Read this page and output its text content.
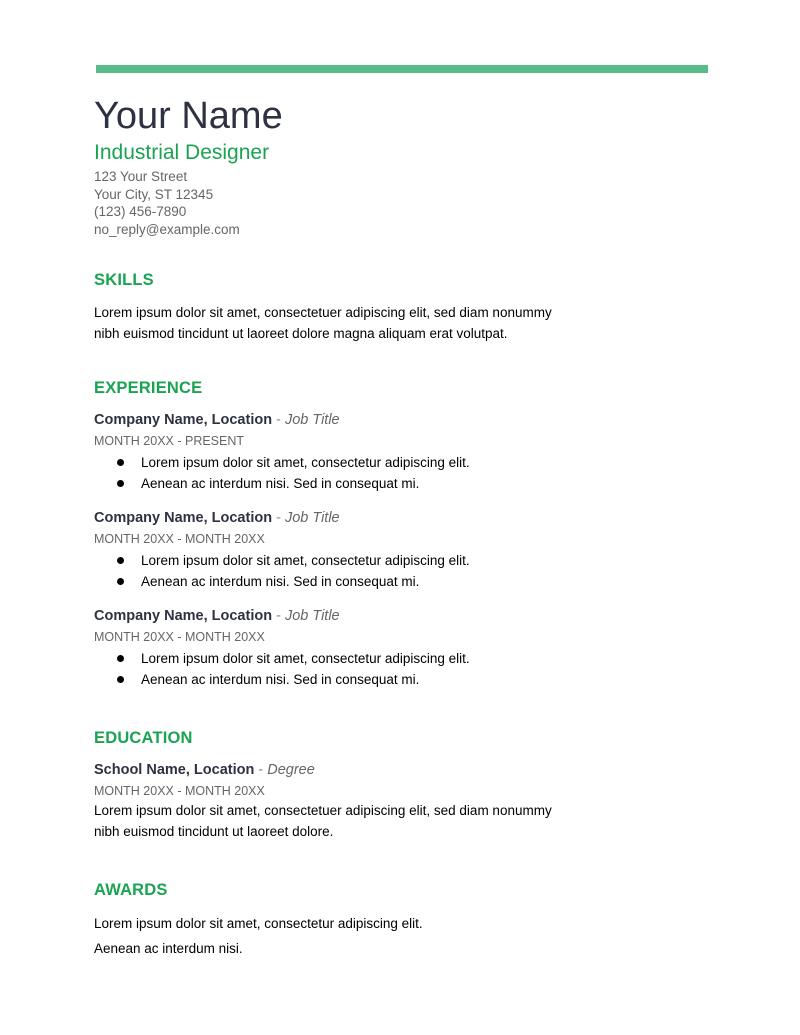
Your Name
Industrial Designer
123 Your Street
Your City, ST 12345
(123) 456-7890
no_reply@example.com
SKILLS

Lorem ipsum dolor sit amet, consectetuer adipiscing elit, sed diam nonummy

nibh euismod tincidunt ut laoreet dolore magna aliquam erat volutpat.

EXPERIENCE

Company Name, Location - Job Title

MONTH 20XX - PRESENT

Lorem ipsum dolor sit amet, consectetur adipiscing elit.
Aenean ac interdum nisi. Sed in consequat mi.

Company Name, Location - Job Title

MONTH 20XX - MONTH 20XX

Lorem ipsum dolor sit amet, consectetur adipiscing elit.
Aenean ac interdum nisi. Sed in consequat mi.

Company Name, Location - Job Title

MONTH 20XX - MONTH 20XX

Lorem ipsum dolor sit amet, consectetur adipiscing elit.
Aenean ac interdum nisi. Sed in consequat mi.
EDUCATION

School Name, Location - Degree

MONTH 20XX - MONTH 20XX

Lorem ipsum dolor sit amet, consectetuer adipiscing elit, sed diam nonummy

nibh euismod tincidunt ut laoreet dolore.

AWARDS

Lorem ipsum dolor sit amet, consectetur adipiscing elit.

Aenean ac interdum nisi.
